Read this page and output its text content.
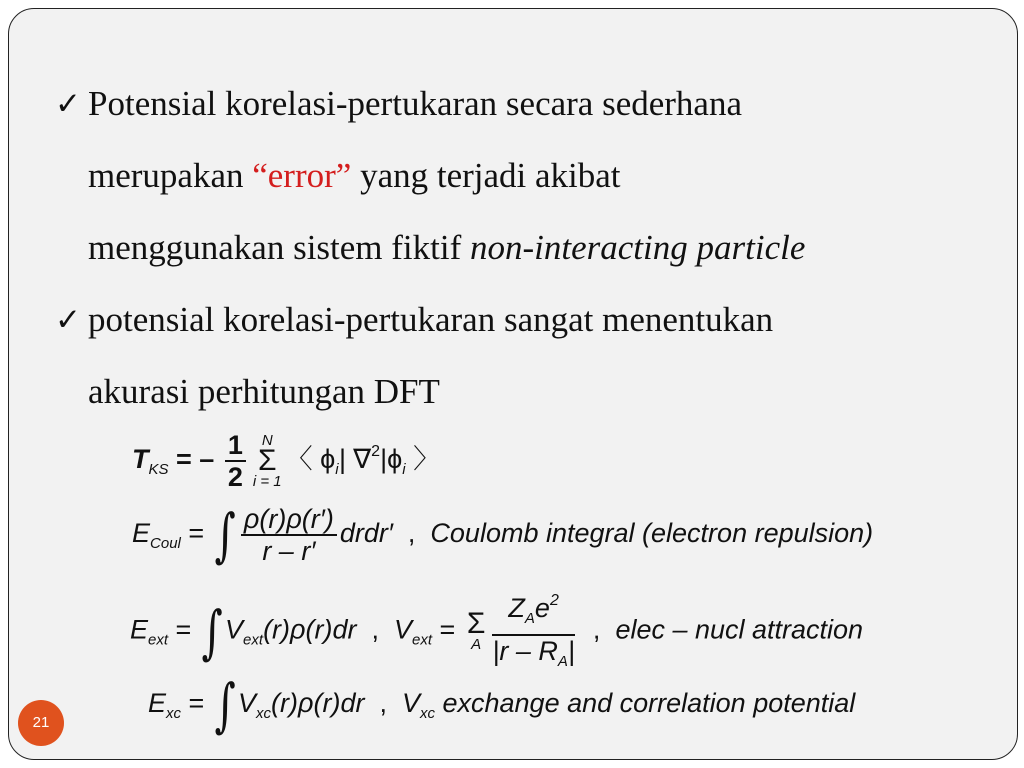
✓ Potensial korelasi-pertukaran secara sederhana
merupakan “error” yang terjadi akibat
menggunakan sistem fiktif non-interacting particle
✓ potensial korelasi-pertukaran sangat menentukan
akurasi perhitungan DFT
$T_{KS}$ = – $\frac{1}{2}$	N
Σ
i = 1
〈 $\phi_i|$ $\nabla^2|\phi_i$ 〉
$E_{Coul}$ = ∫ $\frac{\rho(r)\rho(r')}{r - r'}$ drdr′  ,  Coulomb integral (electron repulsion)
$E_{ext} = \int V_{ext}(r)\rho(r)dr$  ,  $V_{ext} = \Sigma$
A $\frac{Z_Ae^2}{|r - R_A|}$ ,  elec – nucl attraction
$E_{xc} = \int V_{xc}(r)\rho(r)dr$  ,  $V_{xc}$ exchange and correlation potential
21
